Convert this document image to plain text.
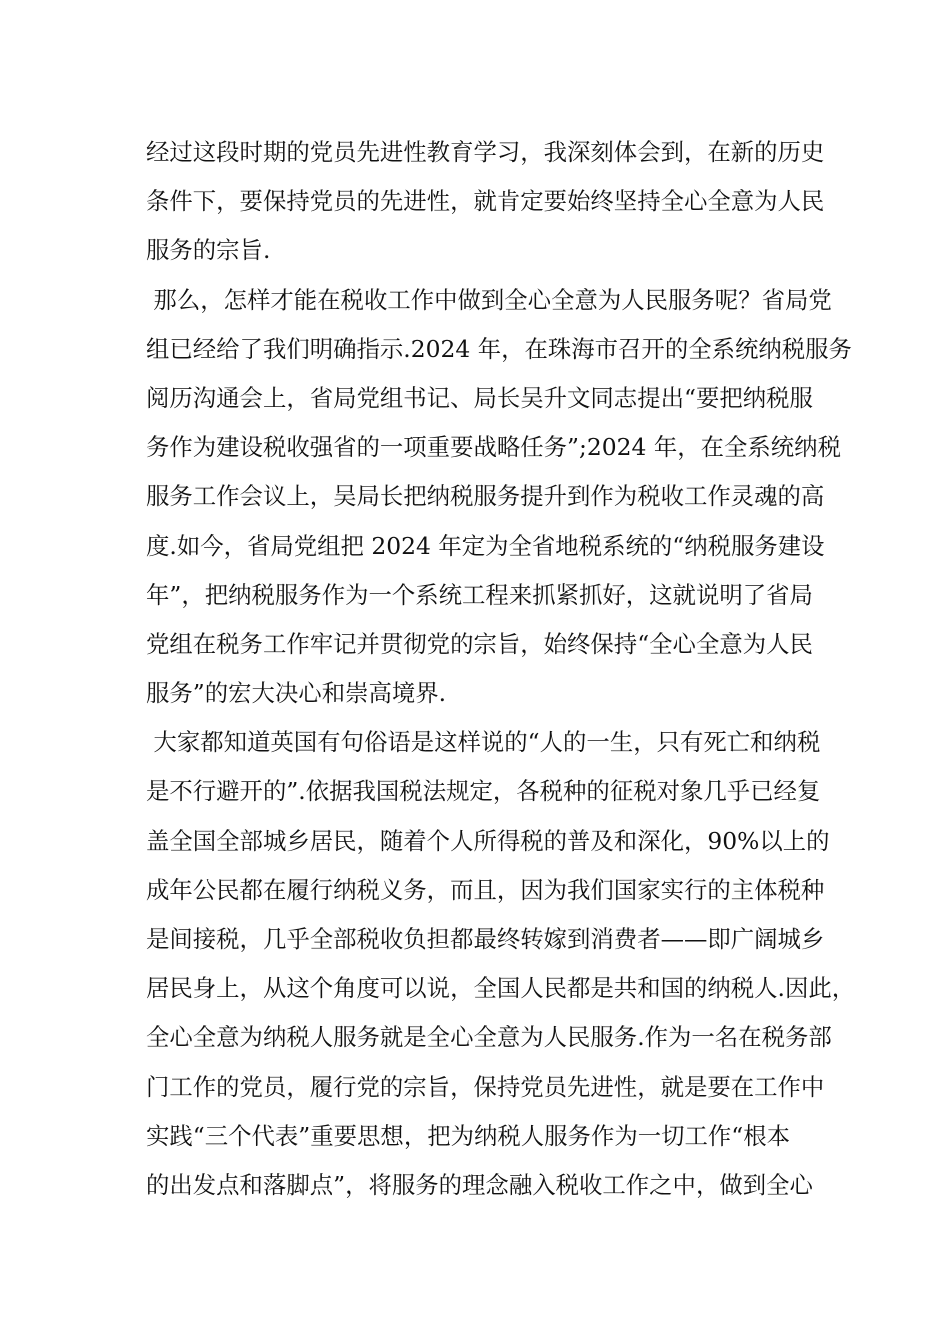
经过这段时期的党员先进性教育学习，我深刻体会到，在新的历史
条件下，要保持党员的先进性，就肯定要始终坚持全心全意为人民
服务的宗旨.
那么，怎样才能在税收工作中做到全心全意为人民服务呢？省局党
组已经给了我们明确指示.2024 年，在珠海市召开的全系统纳税服务
阅历沟通会上，省局党组书记、局长吴升文同志提出“要把纳税服
务作为建设税收强省的一项重要战略任务”;2024 年，在全系统纳税
服务工作会议上，吴局长把纳税服务提升到作为税收工作灵魂的高
度.如今，省局党组把 2024 年定为全省地税系统的“纳税服务建设
年”，把纳税服务作为一个系统工程来抓紧抓好，这就说明了省局
党组在税务工作牢记并贯彻党的宗旨，始终保持“全心全意为人民
服务”的宏大决心和崇高境界.
大家都知道英国有句俗语是这样说的“人的一生，只有死亡和纳税
是不行避开的”.依据我国税法规定，各税种的征税对象几乎已经复
盖全国全部城乡居民，随着个人所得税的普及和深化，90%以上的
成年公民都在履行纳税义务，而且，因为我们国家实行的主体税种
是间接税，几乎全部税收负担都最终转嫁到消费者——即广阔城乡
居民身上，从这个角度可以说，全国人民都是共和国的纳税人.因此，
全心全意为纳税人服务就是全心全意为人民服务.作为一名在税务部
门工作的党员，履行党的宗旨，保持党员先进性，就是要在工作中
实践“三个代表”重要思想，把为纳税人服务作为一切工作“根本
的出发点和落脚点”，将服务的理念融入税收工作之中，做到全心
